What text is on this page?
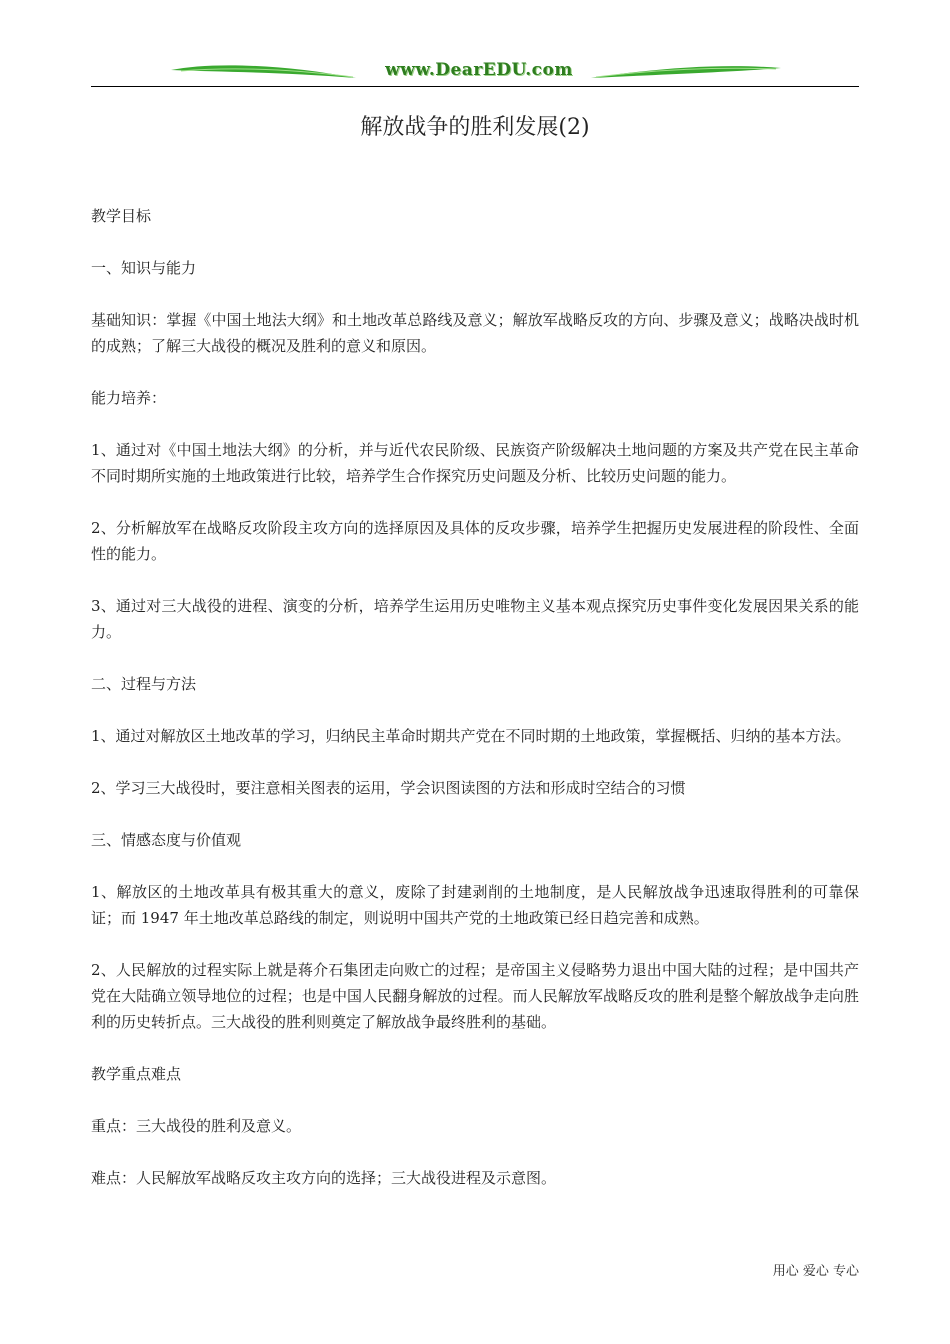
www.DearEDU.com
解放战争的胜利发展(2)

教学目标

一、知识与能力

基础知识：掌握《中国土地法大纲》和土地改革总路线及意义；解放军战略反攻的方向、步骤及意义；战略决战时机的成熟；了解三大战役的概况及胜利的意义和原因。

能力培养：

1、通过对《中国土地法大纲》的分析，并与近代农民阶级、民族资产阶级解决土地问题的方案及共产党在民主革命不同时期所实施的土地政策进行比较，培养学生合作探究历史问题及分析、比较历史问题的能力。

2、分析解放军在战略反攻阶段主攻方向的选择原因及具体的反攻步骤，培养学生把握历史发展进程的阶段性、全面性的能力。

3、通过对三大战役的进程、演变的分析，培养学生运用历史唯物主义基本观点探究历史事件变化发展因果关系的能力。

二、过程与方法

1、通过对解放区土地改革的学习，归纳民主革命时期共产党在不同时期的土地政策，掌握概括、归纳的基本方法。

2、学习三大战役时，要注意相关图表的运用，学会识图读图的方法和形成时空结合的习惯

三、情感态度与价值观

1、解放区的土地改革具有极其重大的意义，废除了封建剥削的土地制度，是人民解放战争迅速取得胜利的可靠保证；而 1947 年土地改革总路线的制定，则说明中国共产党的土地政策已经日趋完善和成熟。

2、人民解放的过程实际上就是蒋介石集团走向败亡的过程；是帝国主义侵略势力退出中国大陆的过程；是中国共产党在大陆确立领导地位的过程；也是中国人民翻身解放的过程。而人民解放军战略反攻的胜利是整个解放战争走向胜利的历史转折点。三大战役的胜利则奠定了解放战争最终胜利的基础。

教学重点难点

重点：三大战役的胜利及意义。

难点：人民解放军战略反攻主攻方向的选择；三大战役进程及示意图。

用心 爱心 专心
